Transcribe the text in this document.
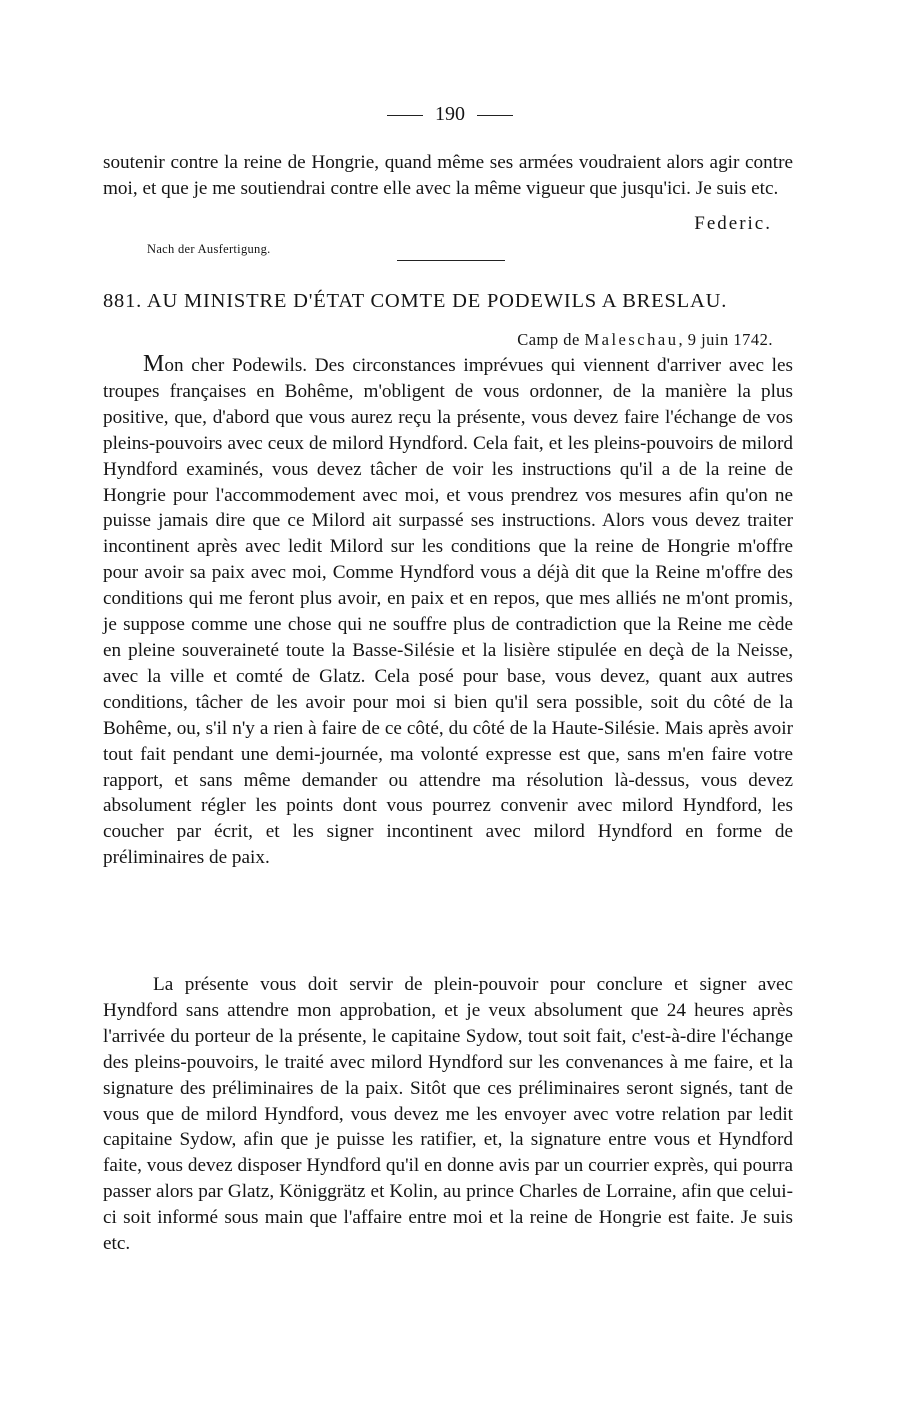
190

soutenir contre la reine de Hongrie, quand même ses armées voudraient alors agir contre moi, et que je me soutiendrai contre elle avec la même vigueur que jusqu'ici. Je suis etc.

Federic.
Nach der Ausfertigung.
881. AU MINISTRE D'ÉTAT COMTE DE PODEWILS A BRESLAU.
Camp de Maleschau, 9 juin 1742.

Mon cher Podewils. Des circonstances imprévues qui viennent d'arriver avec les troupes françaises en Bohême, m'obligent de vous ordonner, de la manière la plus positive, que, d'abord que vous aurez reçu la présente, vous devez faire l'échange de vos pleins-pouvoirs avec ceux de milord Hyndford. Cela fait, et les pleins-pouvoirs de milord Hyndford examinés, vous devez tâcher de voir les instructions qu'il a de la reine de Hongrie pour l'accommodement avec moi, et vous prendrez vos mesures afin qu'on ne puisse jamais dire que ce Milord ait surpassé ses instructions. Alors vous devez traiter incontinent après avec ledit Milord sur les conditions que la reine de Hongrie m'offre pour avoir sa paix avec moi, Comme Hyndford vous a déjà dit que la Reine m'offre des conditions qui me feront plus avoir, en paix et en repos, que mes alliés ne m'ont promis, je suppose comme une chose qui ne souffre plus de contradiction que la Reine me cède en pleine souveraineté toute la Basse-Silésie et la lisière stipulée en deçà de la Neisse, avec la ville et comté de Glatz. Cela posé pour base, vous devez, quant aux autres conditions, tâcher de les avoir pour moi si bien qu'il sera possible, soit du côté de la Bohême, ou, s'il n'y a rien à faire de ce côté, du côté de la Haute-Silésie. Mais après avoir tout fait pendant une demi-journée, ma volonté expresse est que, sans m'en faire votre rapport, et sans même demander ou attendre ma résolution là-dessus, vous devez absolument régler les points dont vous pourrez convenir avec milord Hyndford, les coucher par écrit, et les signer incontinent avec milord Hyndford en forme de préliminaires de paix.

La présente vous doit servir de plein-pouvoir pour conclure et signer avec Hyndford sans attendre mon approbation, et je veux absolument que 24 heures après l'arrivée du porteur de la présente, le capitaine Sydow, tout soit fait, c'est-à-dire l'échange des pleins-pouvoirs, le traité avec milord Hyndford sur les convenances à me faire, et la signature des préliminaires de la paix. Sitôt que ces préliminaires seront signés, tant de vous que de milord Hyndford, vous devez me les envoyer avec votre relation par ledit capitaine Sydow, afin que je puisse les ratifier, et, la signature entre vous et Hyndford faite, vous devez disposer Hyndford qu'il en donne avis par un courrier exprès, qui pourra passer alors par Glatz, Königgrätz et Kolin, au prince Charles de Lorraine, afin que celui-ci soit informé sous main que l'affaire entre moi et la reine de Hongrie est faite. Je suis etc.
